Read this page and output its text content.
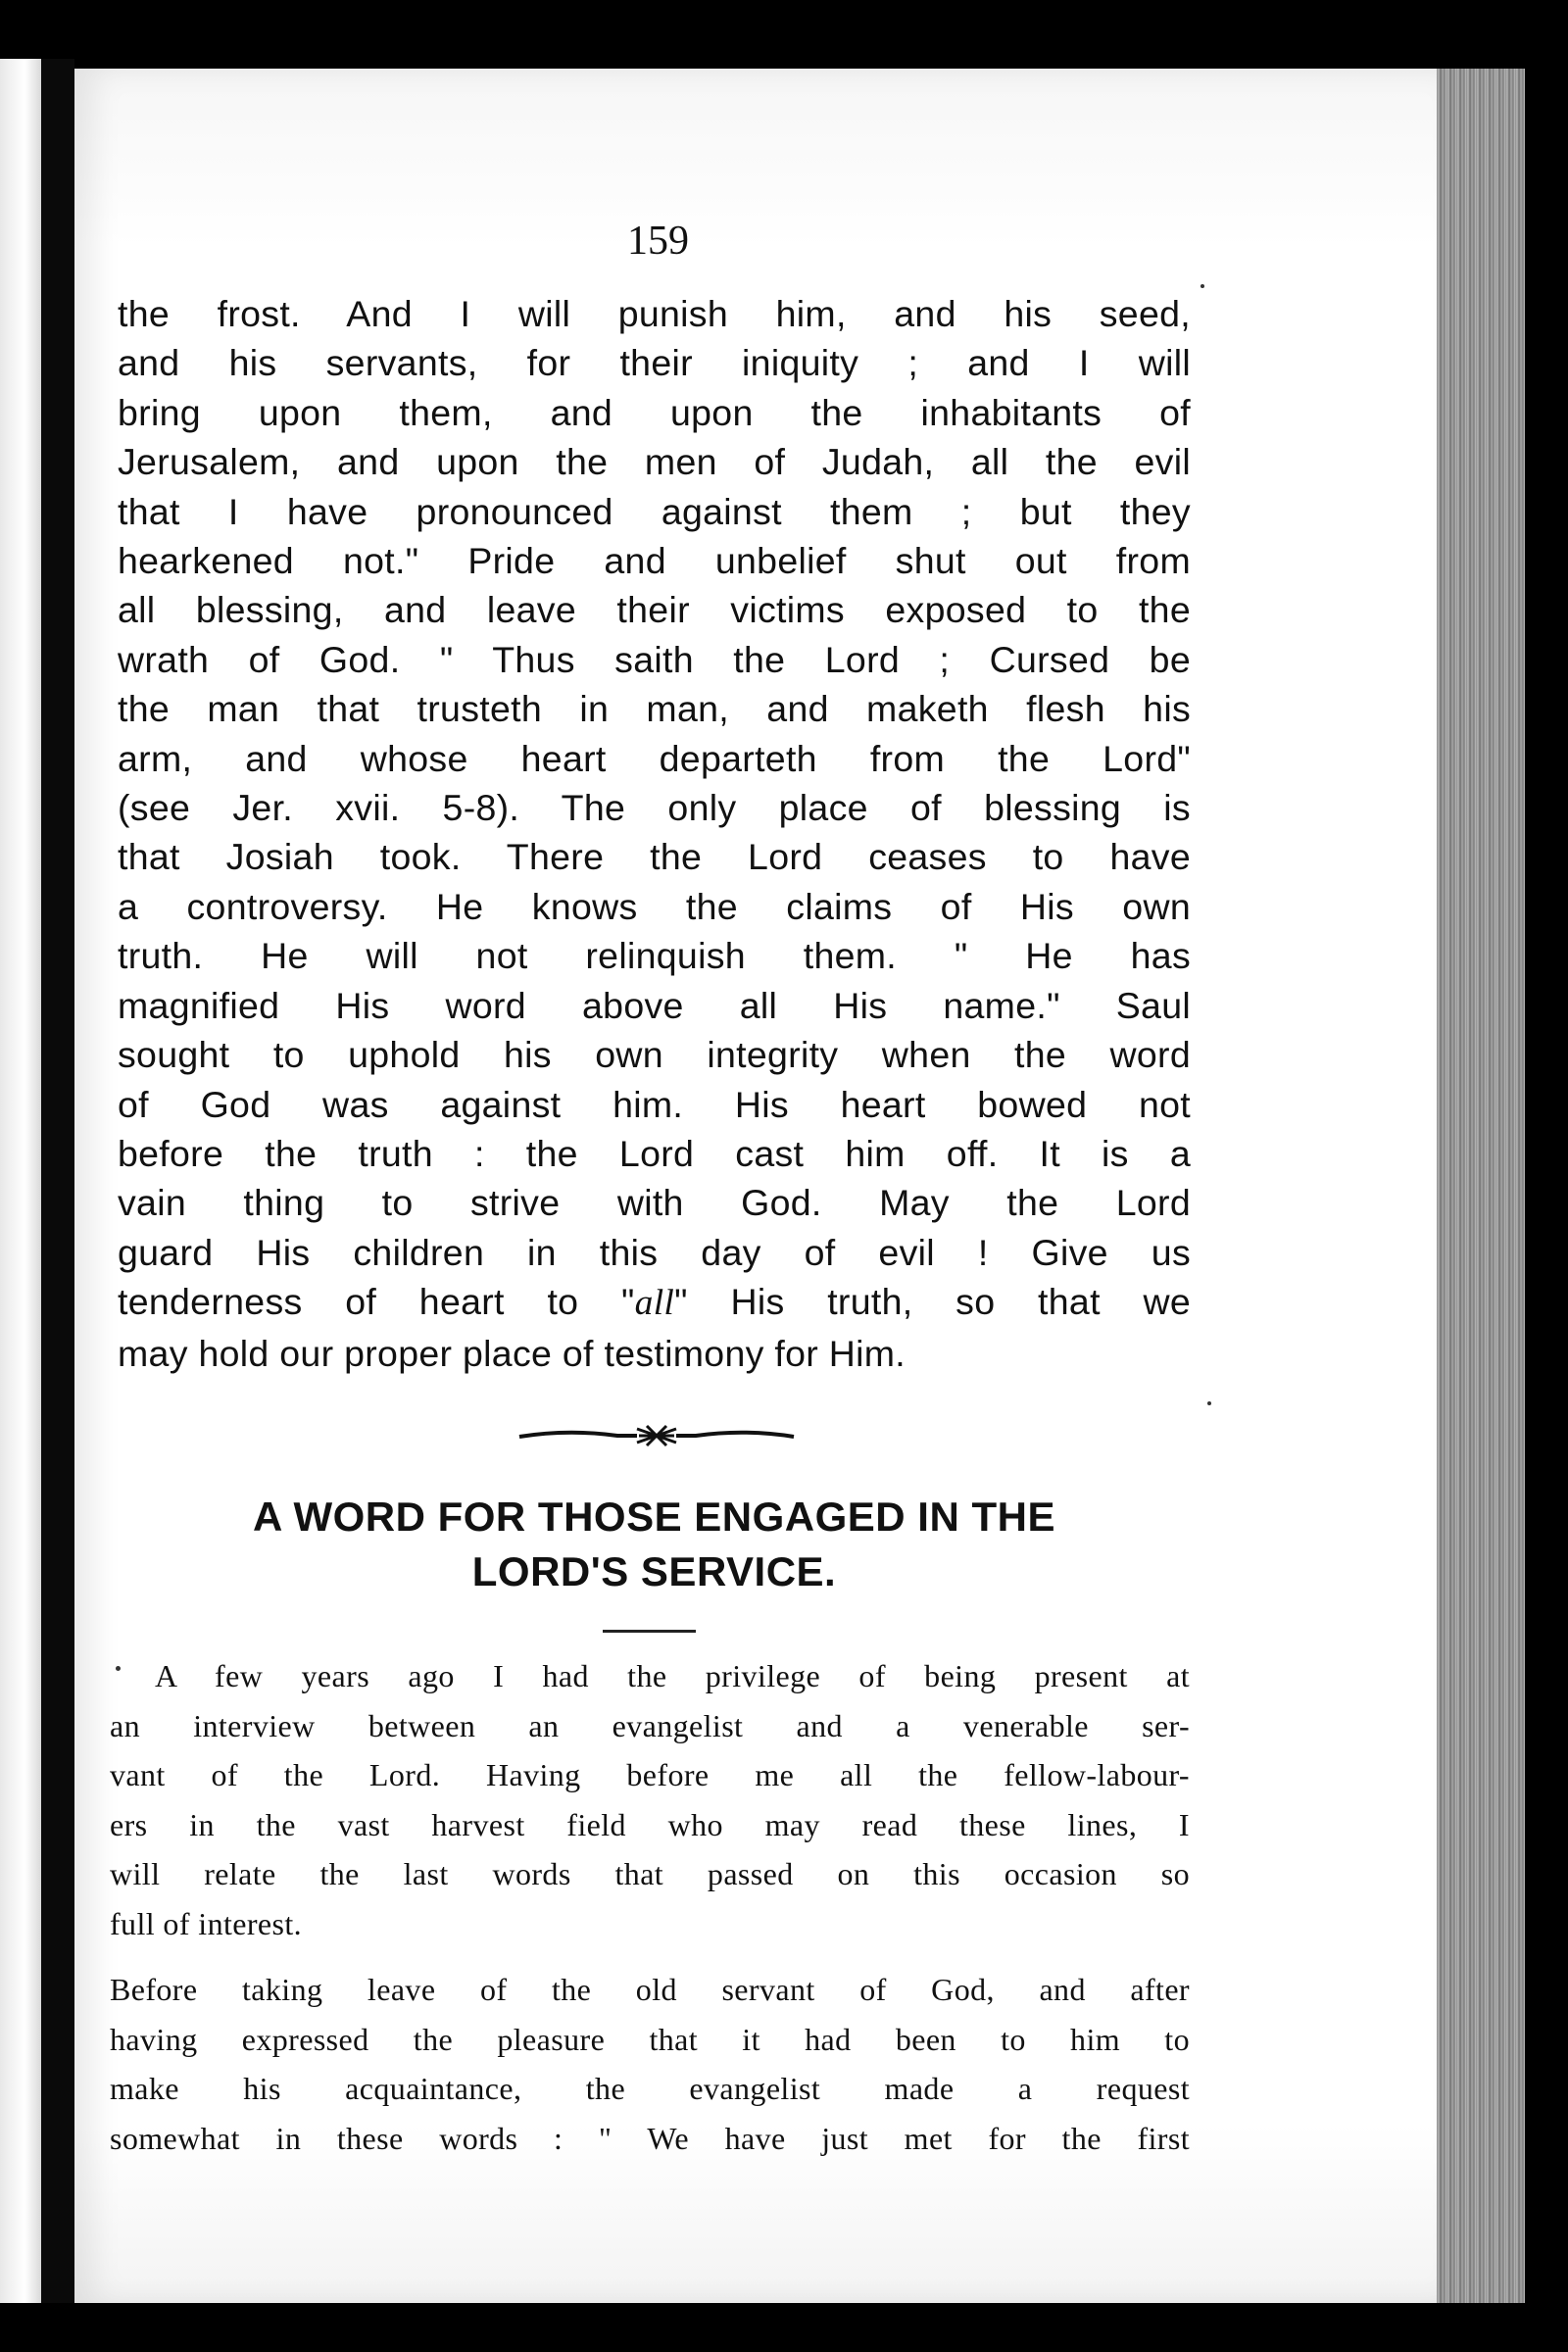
159
the frost. And I will punish him, and his seed,
and his servants, for their iniquity ; and I will
bring upon them, and upon the inhabitants of
Jerusalem, and upon the men of Judah, all the evil
that I have pronounced against them ; but they
hearkened not." Pride and unbelief shut out from
all blessing, and leave their victims exposed to the
wrath of God. " Thus saith the Lord ; Cursed be
the man that trusteth in man, and maketh flesh his
arm, and whose heart departeth from the Lord"
(see Jer. xvii. 5-8). The only place of blessing is
that Josiah took. There the Lord ceases to have
a controversy. He knows the claims of His own
truth. He will not relinquish them. " He has
magnified His word above all His name." Saul
sought to uphold his own integrity when the word
of God was against him. His heart bowed not
before the truth : the Lord cast him off. It is a
vain thing to strive with God. May the Lord
guard His children in this day of evil ! Give us

tenderness of heart to "all" His truth, so that we

may hold our proper place of testimony for Him.

A WORD FOR THOSE ENGAGED IN THE
LORD'S SERVICE.
A few years ago I had the privilege of being present at
an interview between an evangelist and a venerable ser-
vant of the Lord. Having before me all the fellow-labour-
ers in the vast harvest field who may read these lines, I
will relate the last words that passed on this occasion so
full of interest.
Before taking leave of the old servant of God, and after
having expressed the pleasure that it had been to him to
make his acquaintance, the evangelist made a request
somewhat in these words : " We have just met for the first
